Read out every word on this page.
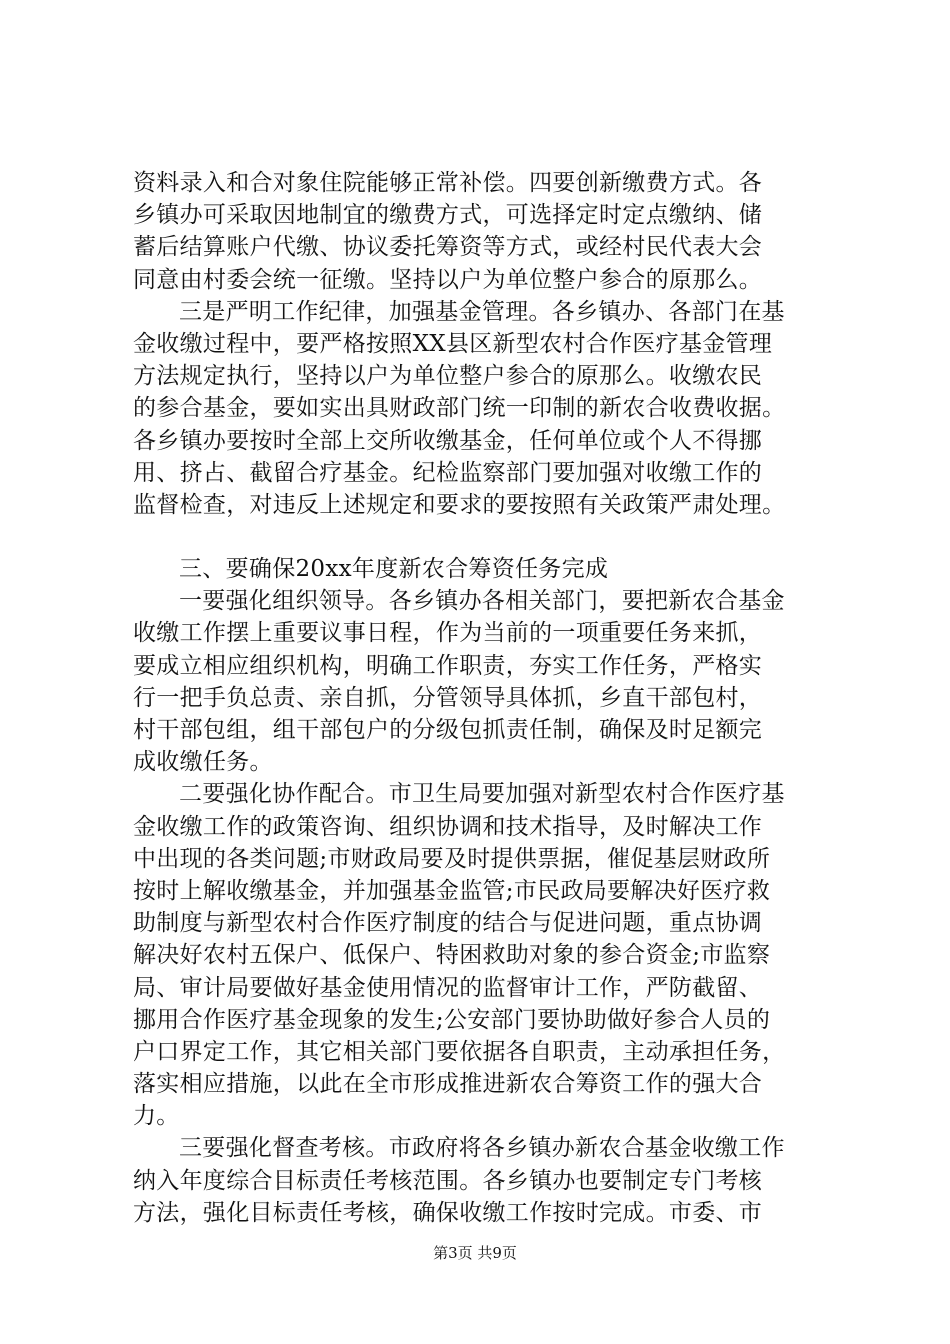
资料录入和合对象住院能够正常补偿。四要创新缴费方式。各
乡镇办可采取因地制宜的缴费方式，可选择定时定点缴纳、储
蓄后结算账户代缴、协议委托筹资等方式，或经村民代表大会
同意由村委会统一征缴。坚持以户为单位整户参合的原那么。
三是严明工作纪律，加强基金管理。各乡镇办、各部门在基
金收缴过程中，要严格按照XX县区新型农村合作医疗基金管理
方法规定执行，坚持以户为单位整户参合的原那么。收缴农民
的参合基金，要如实出具财政部门统一印制的新农合收费收据。
各乡镇办要按时全部上交所收缴基金，任何单位或个人不得挪
用、挤占、截留合疗基金。纪检监察部门要加强对收缴工作的
监督检查，对违反上述规定和要求的要按照有关政策严肃处理。
三、要确保20xx年度新农合筹资任务完成
一要强化组织领导。各乡镇办各相关部门，要把新农合基金
收缴工作摆上重要议事日程，作为当前的一项重要任务来抓，
要成立相应组织机构，明确工作职责，夯实工作任务，严格实
行一把手负总责、亲自抓，分管领导具体抓，乡直干部包村，
村干部包组，组干部包户的分级包抓责任制，确保及时足额完
成收缴任务。
二要强化协作配合。市卫生局要加强对新型农村合作医疗基
金收缴工作的政策咨询、组织协调和技术指导，及时解决工作
中出现的各类问题;市财政局要及时提供票据，催促基层财政所
按时上解收缴基金，并加强基金监管;市民政局要解决好医疗救
助制度与新型农村合作医疗制度的结合与促进问题，重点协调
解决好农村五保户、低保户、特困救助对象的参合资金;市监察
局、审计局要做好基金使用情况的监督审计工作，严防截留、
挪用合作医疗基金现象的发生;公安部门要协助做好参合人员的
户口界定工作，其它相关部门要依据各自职责，主动承担任务，
落实相应措施，以此在全市形成推进新农合筹资工作的强大合
力。
三要强化督查考核。市政府将各乡镇办新农合基金收缴工作
纳入年度综合目标责任考核范围。各乡镇办也要制定专门考核
方法，强化目标责任考核，确保收缴工作按时完成。市委、市
第3页 共9页
